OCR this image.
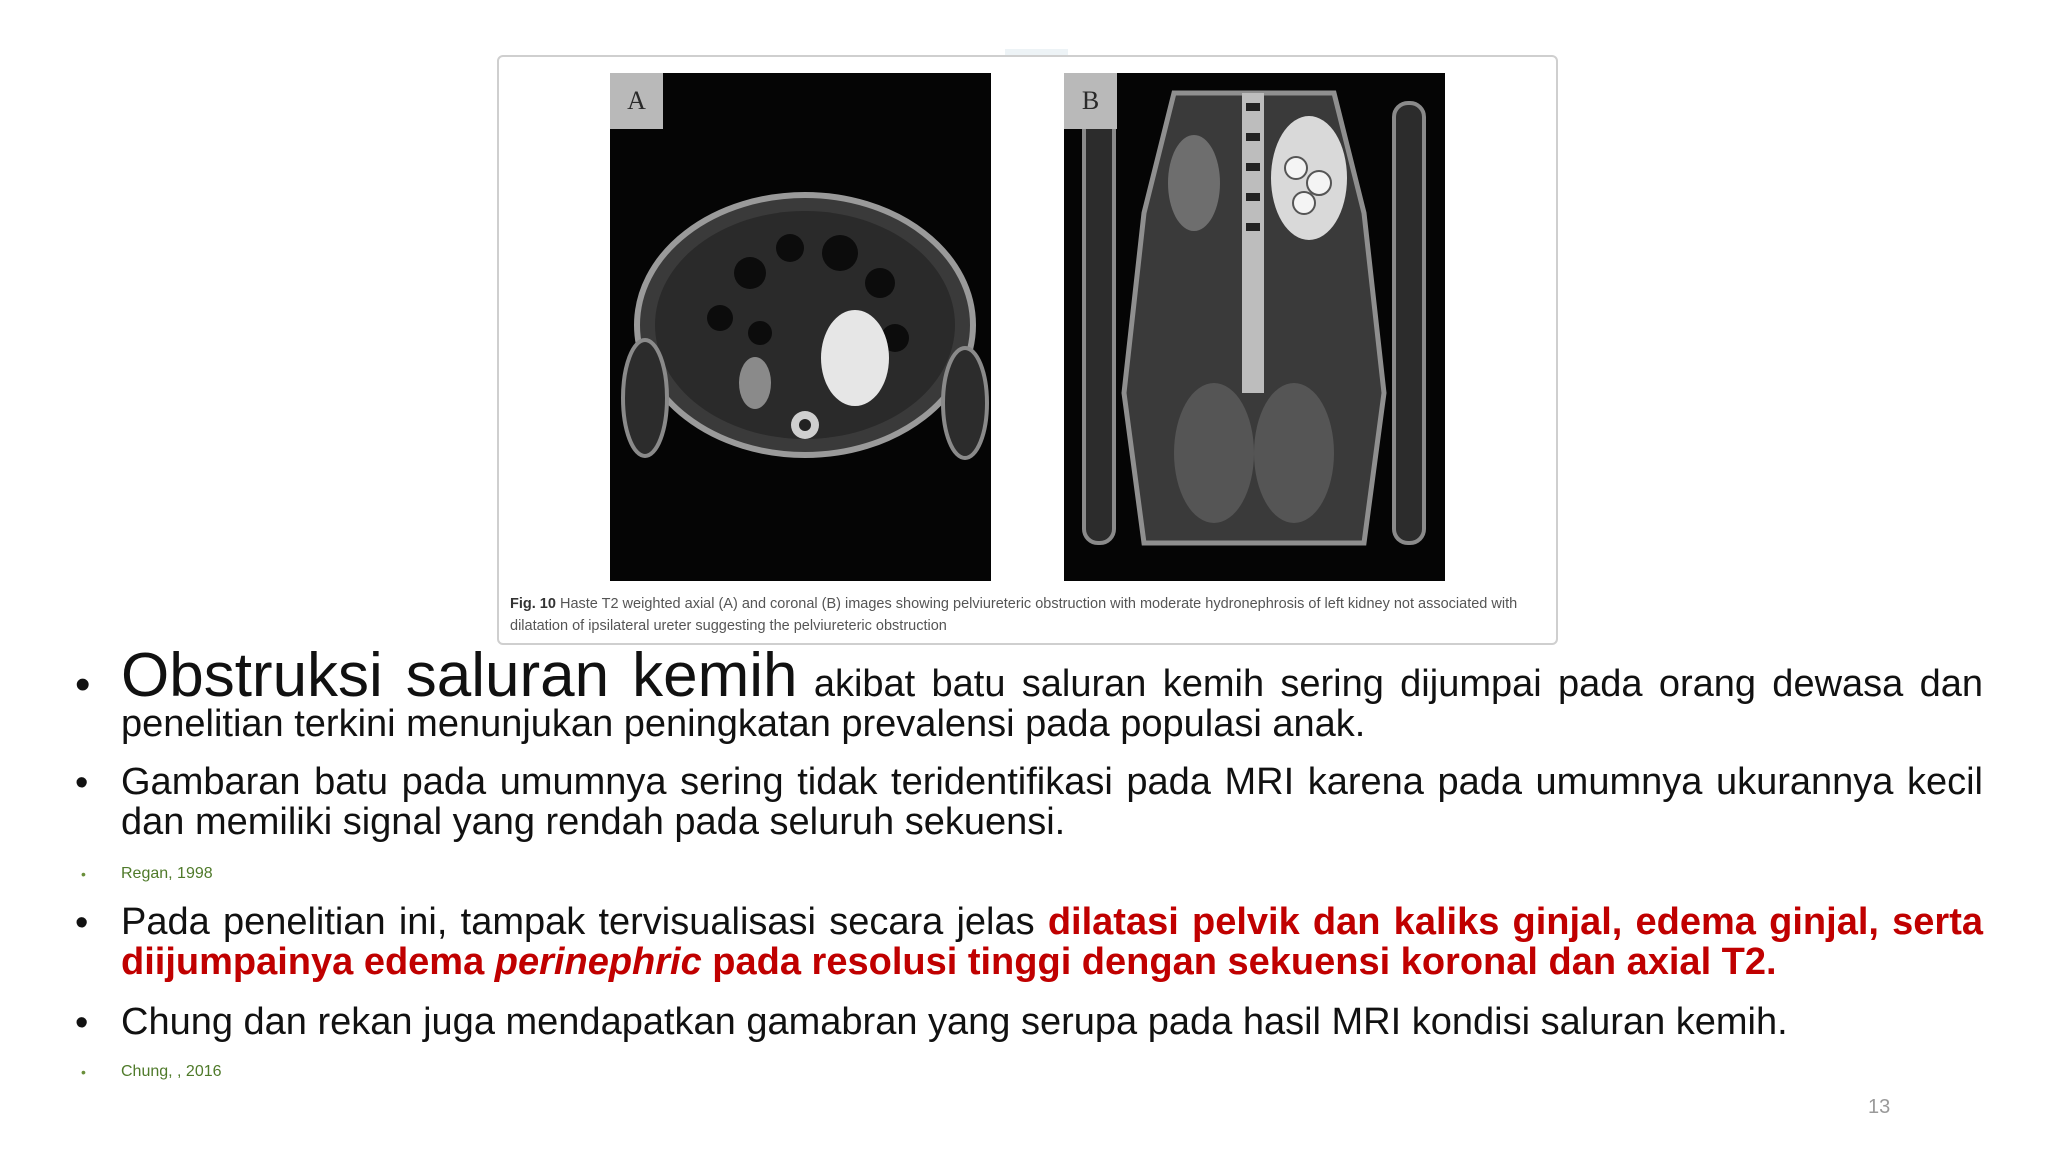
A	B
Fig. 10 Haste T2 weighted axial (A) and coronal (B) images showing pelviureteric obstruction with moderate hydronephrosis of left kidney not associated with dilatation of ipsilateral ureter suggesting the pelviureteric obstruction
• Obstruksi saluran kemih akibat batu saluran kemih sering dijumpai pada orang dewasa dan penelitian terkini menunjukan peningkatan prevalensi pada populasi anak.
• Gambaran batu pada umumnya sering tidak teridentifikasi pada MRI karena pada umumnya ukurannya kecil dan memiliki signal yang rendah pada seluruh sekuensi.
•	Regan, 1998
• Pada penelitian ini, tampak tervisualisasi secara jelas dilatasi pelvik dan kaliks ginjal, edema ginjal, serta diijumpainya edema perinephric pada resolusi tinggi dengan sekuensi koronal dan axial T2.
• Chung dan rekan juga mendapatkan gamabran yang serupa pada hasil MRI kondisi saluran kemih.
•	Chung, , 2016
13
